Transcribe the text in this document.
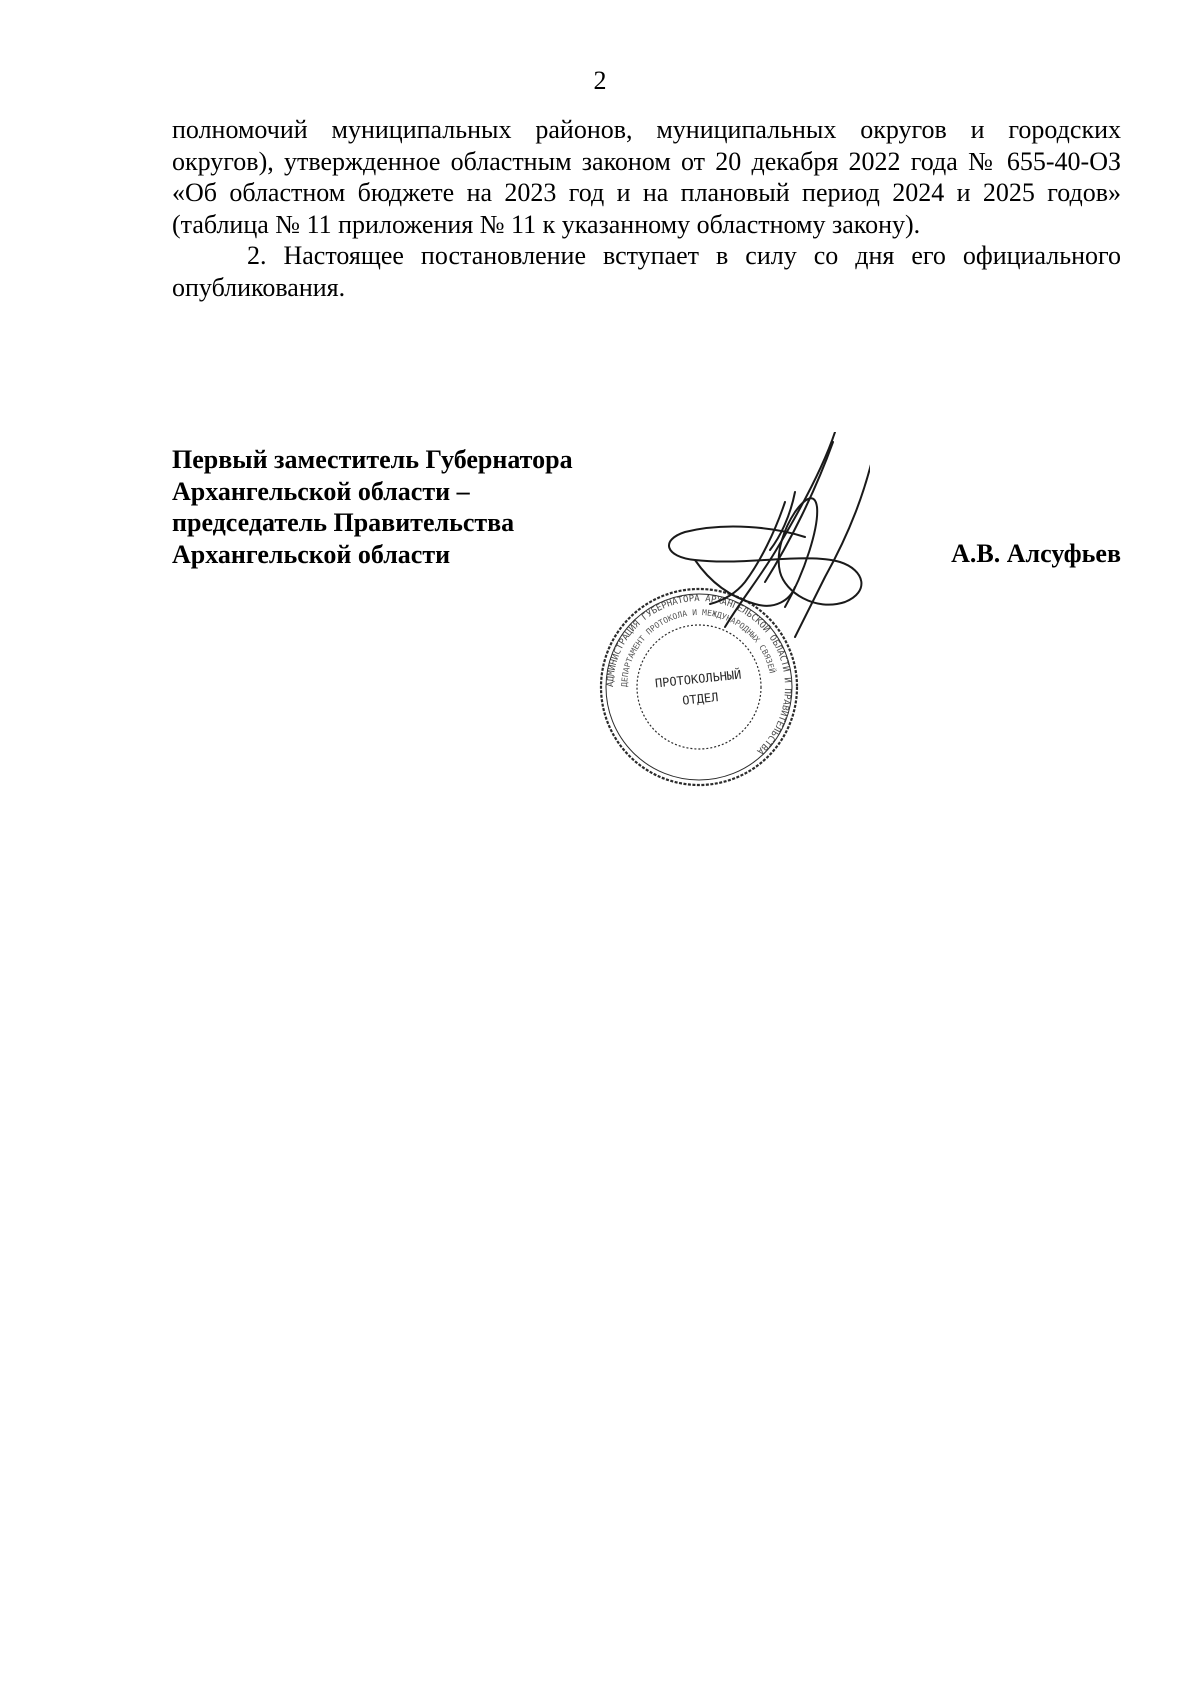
2

полномочий муниципальных районов, муниципальных округов и городских округов), утвержденное областным законом от 20 декабря 2022 года № 655-40-ОЗ «Об областном бюджете на 2023 год и на плановый период 2024 и 2025 годов» (таблица № 11 приложения № 11 к указанному областному закону).

2. Настоящее постановление вступает в силу со дня его официального опубликования.

Первый заместитель Губернатора
Архангельской области –
председатель Правительства
Архангельской области	А.В. Алсуфьев
АДМИНИСТРАЦИЯ ГУБЕРНАТОРА АРХАНГЕЛЬСКОЙ ОБЛАСТИ И ПРАВИТЕЛЬСТВА
ДЕПАРТАМЕНТ ПРОТОКОЛА И МЕЖДУНАРОДНЫХ СВЯЗЕЙ
ПРОТОКОЛЬНЫЙ
ОТДЕЛ
